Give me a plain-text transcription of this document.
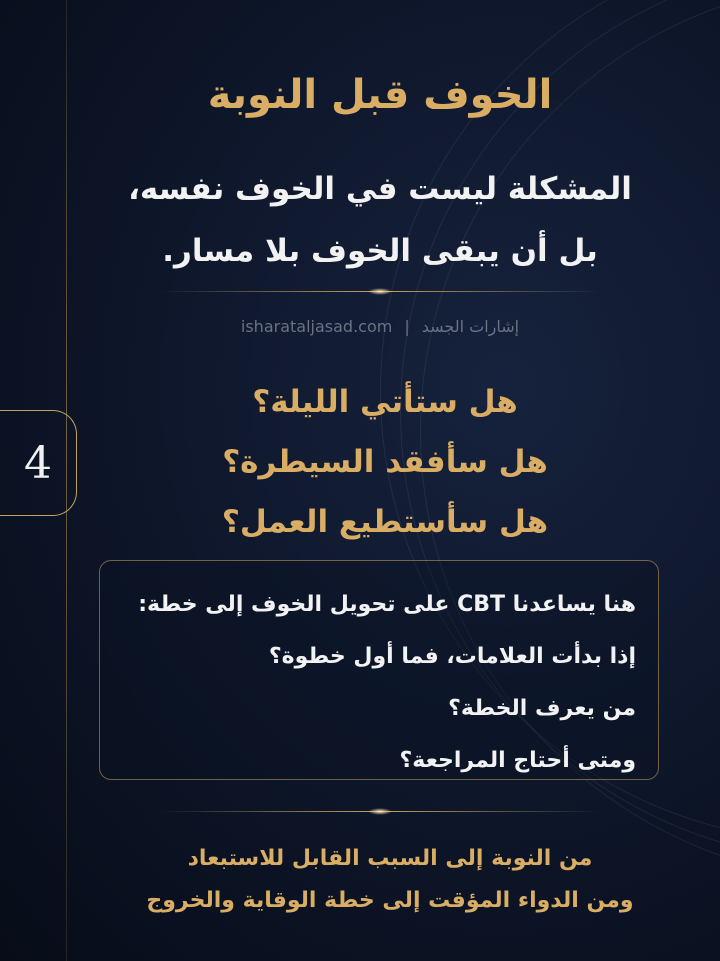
الخوف قبل النوبة
المشكلة ليست في الخوف نفسه،
بل أن يبقى الخوف بلا مسار.
isharataljasad.com | إشارات الجسد
4
هل ستأتي الليلة؟
هل سأفقد السيطرة؟
هل سأستطيع العمل؟
هنا يساعدنا CBT على تحويل الخوف إلى خطة:
إذا بدأت العلامات، فما أول خطوة؟
من يعرف الخطة؟
ومتى أحتاج المراجعة؟
من النوبة إلى السبب القابل للاستبعاد
ومن الدواء المؤقت إلى خطة الوقاية والخروج
